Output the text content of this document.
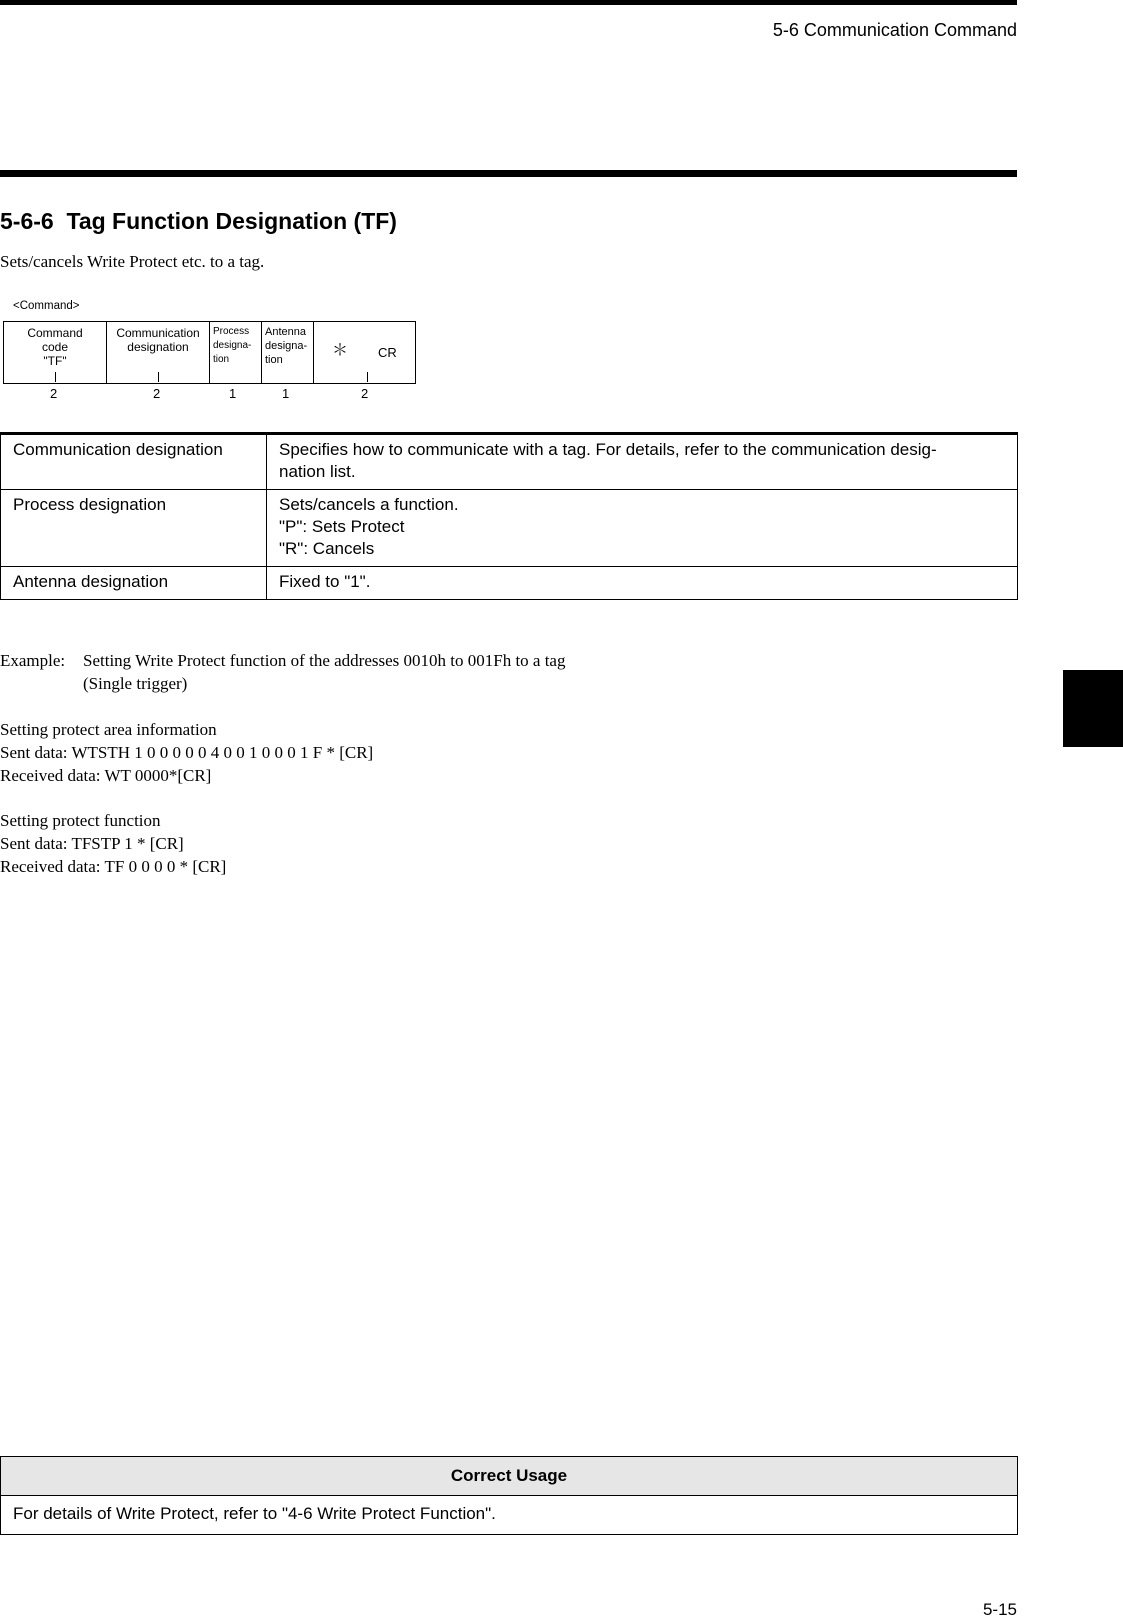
5-6 Communication Command
5-6-6  Tag Function Designation (TF)
Sets/cancels Write Protect etc. to a tag.
<Command>
Command
code
"TF"
Communication
designation
Process
designa-
tion
Antenna
designa-
tion
＊ CR
2	2	1	1	2
Communication designation	Specifies how to communicate with a tag. For details, refer to the communication desig-
nation list.

Process designation	Sets/cancels a function.
"P": Sets Protect
"R": Cancels

Antenna designation	Fixed to "1".
Example: Setting Write Protect function of the addresses 0010h to 001Fh to a tag
(Single trigger)
Setting protect area information
Sent data: WTSTH 1 0 0 0 0 0 4 0 0 1 0 0 0 1 F * [CR]
Received data: WT 0000*[CR]
Setting protect function
Sent data: TFSTP 1 * [CR]
Received data: TF 0 0 0 0 * [CR]
Correct Usage
For details of Write Protect, refer to "4-6 Write Protect Function".
5-15
